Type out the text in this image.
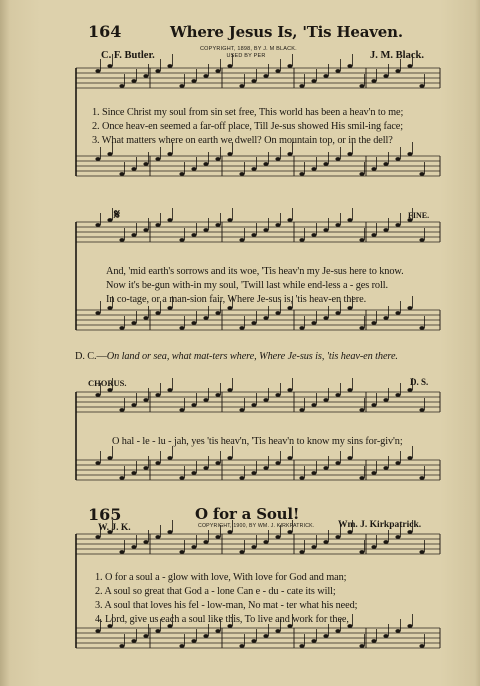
164	Where Jesus Is, 'Tis Heaven.
C. F. Butler.
COPYRIGHT, 1898, BY J. M BLACK.
USED BY PER	J. M. Black.
1. Since Christ my soul from sin set free, This world has been a heav'n to me;
2. Once heav-en seemed a far-off place, Till Je-sus showed His smil-ing face;
3. What matters where on earth we dwell? On mountain top, or in the dell?
𝄋	FINE.
And, 'mid earth's sorrows and its woe, 'Tis heav'n my Je-sus here to know.
Now it's be-gun with-in my soul, 'Twill last while end-less a - ges roll.
In co-tage, or a man-sion fair, Where Je-sus is, 'tis heav-en there.
D. C.—On land or sea, what mat-ters where, Where Je-sus is, 'tis heav-en there.
CHORUS.	D. S.
O hal - le - lu - jah, yes 'tis heav'n, 'Tis heav'n to know my sins for-giv'n;
165	O for a Soul!
W. J. K.	COPYRIGHT, 1900, BY WM. J. KIRKPATRICK. Wm. J. Kirkpatrick.
1. O for a soul a - glow with love, With love for God and man;
2. A soul so great that God a - lone Can e - du - cate its will;
3. A soul that loves his fel - low-man, No mat - ter what his need;
4. Lord, give us each a soul like this, To live and work for thee,
